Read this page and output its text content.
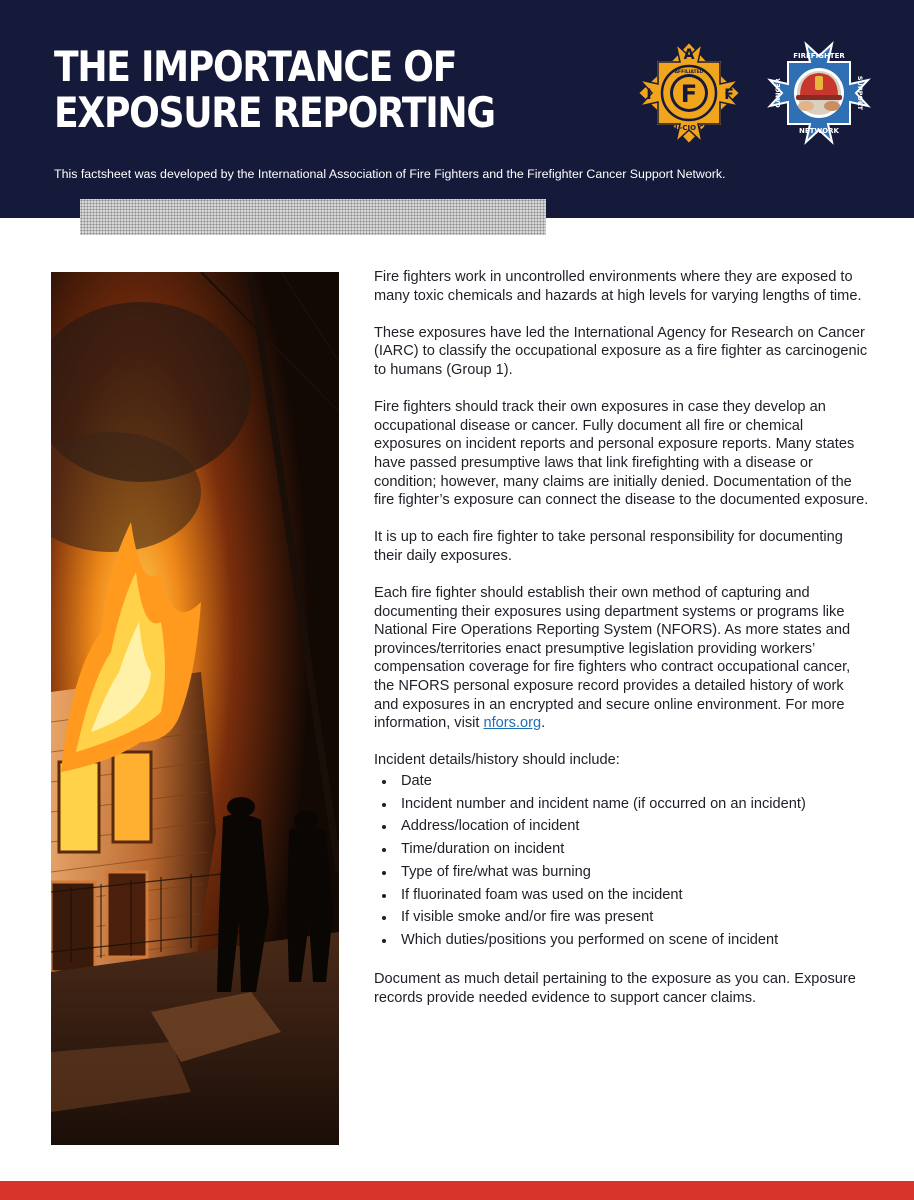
THE IMPORTANCE OF
EXPOSURE REPORTING

This factsheet was developed by the International Association of Fire Fighters and the Firefighter Cancer Support Network.

F
A
I	F
AFFILIATED
AFL-CIO CLC
FIREFIGHTER
CANCER	SUPPORT
NETWORK

Fire fighters work in uncontrolled environments where they are exposed to many toxic chemicals and hazards at high levels for varying lengths of time.

These exposures have led the International Agency for Research on Cancer (IARC) to classify the occupational exposure as a fire fighter as carcinogenic to humans (Group 1).

Fire fighters should track their own exposures in case they develop an occupational disease or cancer. Fully document all fire or chemical exposures on incident reports and personal exposure reports. Many states have passed presumptive laws that link firefighting with a disease or condition; however, many claims are initially denied. Documentation of the fire fighter’s exposure can connect the disease to the documented exposure.

It is up to each fire fighter to take personal responsibility for documenting their daily exposures.

Each fire fighter should establish their own method of capturing and documenting their exposures using department systems or programs like National Fire Operations Reporting System (NFORS). As more states and provinces/territories enact presumptive legislation providing workers’ compensation coverage for fire fighters who contract occupational cancer, the NFORS personal exposure record provides a detailed history of work and exposures in an encrypted and secure online environment. For more information, visit nfors.org.

Incident details/history should include:

Date
Incident number and incident name (if occurred on an incident)
Address/location of incident
Time/duration on incident
Type of fire/what was burning
If fluorinated foam was used on the incident
If visible smoke and/or fire was present
Which duties/positions you performed on scene of incident

Document as much detail pertaining to the exposure as you can. Exposure records provide needed evidence to support cancer claims.
